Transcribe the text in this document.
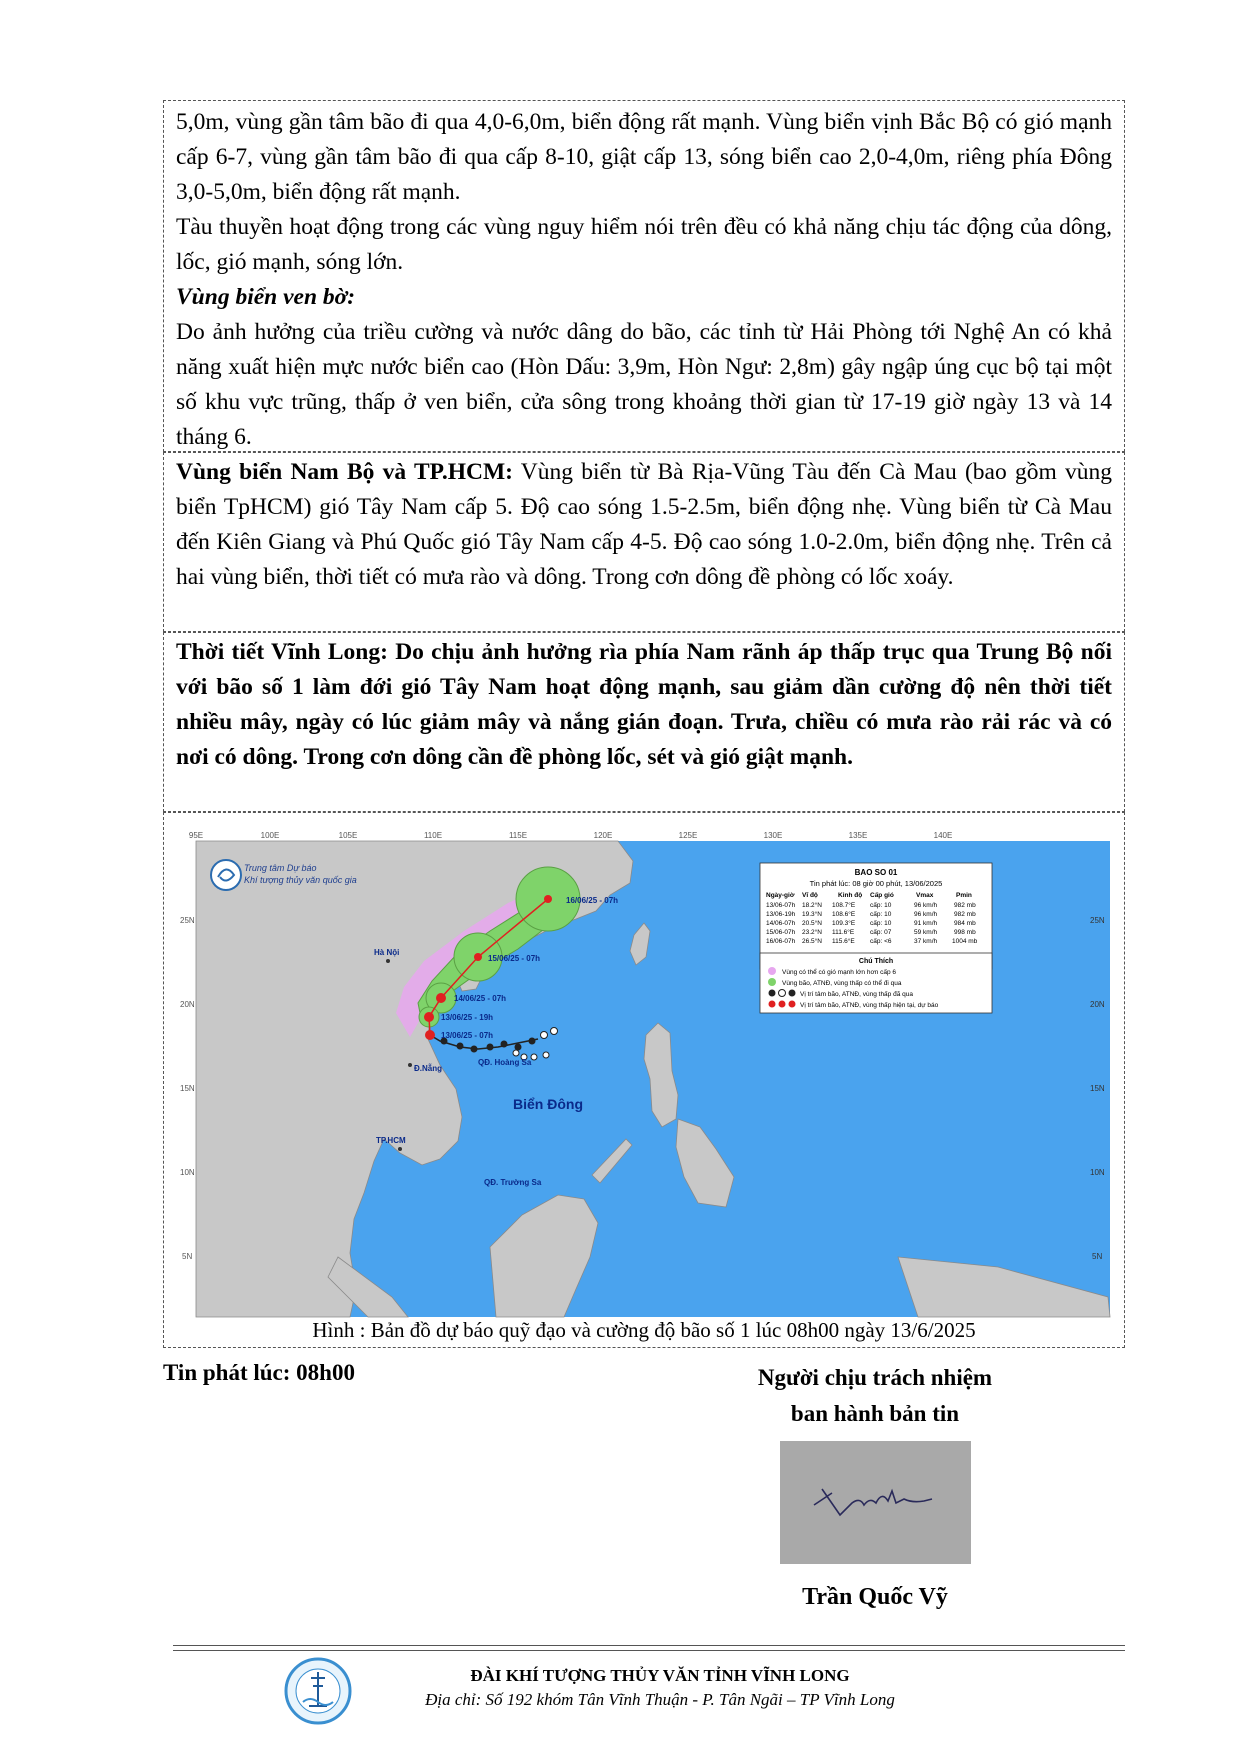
5,0m, vùng gần tâm bão đi qua 4,0-6,0m, biển động rất mạnh. Vùng biển vịnh Bắc Bộ có gió mạnh cấp 6-7, vùng gần tâm bão đi qua cấp 8-10, giật cấp 13, sóng biển cao 2,0-4,0m, riêng phía Đông 3,0-5,0m, biển động rất mạnh.

Tàu thuyền hoạt động trong các vùng nguy hiểm nói trên đều có khả năng chịu tác động của dông, lốc, gió mạnh, sóng lớn.

Vùng biển ven bờ:

Do ảnh hưởng của triều cường và nước dâng do bão, các tỉnh từ Hải Phòng tới Nghệ An có khả năng xuất hiện mực nước biển cao (Hòn Dấu: 3,9m, Hòn Ngư: 2,8m) gây ngập úng cục bộ tại một số khu vực trũng, thấp ở ven biển, cửa sông trong khoảng thời gian từ 17-19 giờ ngày 13 và 14 tháng 6.

Vùng biển Nam Bộ và TP.HCM: Vùng biển từ Bà Rịa-Vũng Tàu đến Cà Mau (bao gồm vùng biển TpHCM) gió Tây Nam cấp 5. Độ cao sóng 1.5-2.5m, biển động nhẹ. Vùng biển từ Cà Mau đến Kiên Giang và Phú Quốc gió Tây Nam cấp 4-5. Độ cao sóng 1.0-2.0m, biển động nhẹ. Trên cả hai vùng biển, thời tiết có mưa rào và dông. Trong cơn dông đề phòng có lốc xoáy.

Thời tiết Vĩnh Long: Do chịu ảnh hưởng rìa phía Nam rãnh áp thấp trục qua Trung Bộ nối với bão số 1 làm đới gió Tây Nam hoạt động mạnh, sau giảm dần cường độ nên thời tiết nhiều mây, ngày có lúc giảm mây và nắng gián đoạn. Trưa, chiều có mưa rào rải rác và có nơi có dông. Trong cơn dông cần đề phòng lốc, sét và gió giật mạnh.

95E	100E	105E	110E	115E	120E	125E	130E	135E	140E
25N
20N
15N
10N
5N
25N
20N
15N
10N
5N
Trung tâm Dự báo
Khí tượng thủy văn quốc gia
16/06/25 - 07h
15/06/25 - 07h
14/06/25 - 07h
13/06/25 - 19h
13/06/25 - 07h
Hà Nội
Đ.Nẵng
TP.HCM
QĐ. Hoàng Sa
QĐ. Trường Sa
Biển Đông
BAO SO 01
Tin phát lúc: 08 giờ 00 phút, 13/06/2025
Ngày-giờ Vĩ độ	Kinh độ Cấp gió	Vmax	Pmin
13/06-07h 18.2°N 108.7°E cấp: 10	96 km/h	982 mb
13/06-19h 19.3°N 108.6°E cấp: 10	96 km/h	982 mb
14/06-07h 20.5°N 109.3°E cấp: 10	91 km/h	984 mb
15/06-07h 23.2°N 111.6°E cấp: 07	59 km/h	998 mb
16/06-07h 26.5°N 115.6°E cấp: <6	37 km/h 1004 mb
Chú Thích
Vùng có thể có gió mạnh lớn hơn cấp 6
Vùng bão, ATNĐ, vùng thấp có thể đi qua
Vị trí tâm bão, ATNĐ, vùng thấp đã qua
Vị trí tâm bão, ATNĐ, vùng thấp hiện tại, dự báo
Hình : Bản đồ dự báo quỹ đạo và cường độ bão số 1 lúc 08h00 ngày 13/6/2025
Tin phát lúc: 08h00	Người chịu trách nhiệm
ban hành bản tin
Trần Quốc Vỹ
ĐÀI KHÍ TƯỢNG THỦY VĂN TỈNH VĨNH LONG
Địa chỉ: Số 192 khóm Tân Vĩnh Thuận - P. Tân Ngãi – TP Vĩnh Long
